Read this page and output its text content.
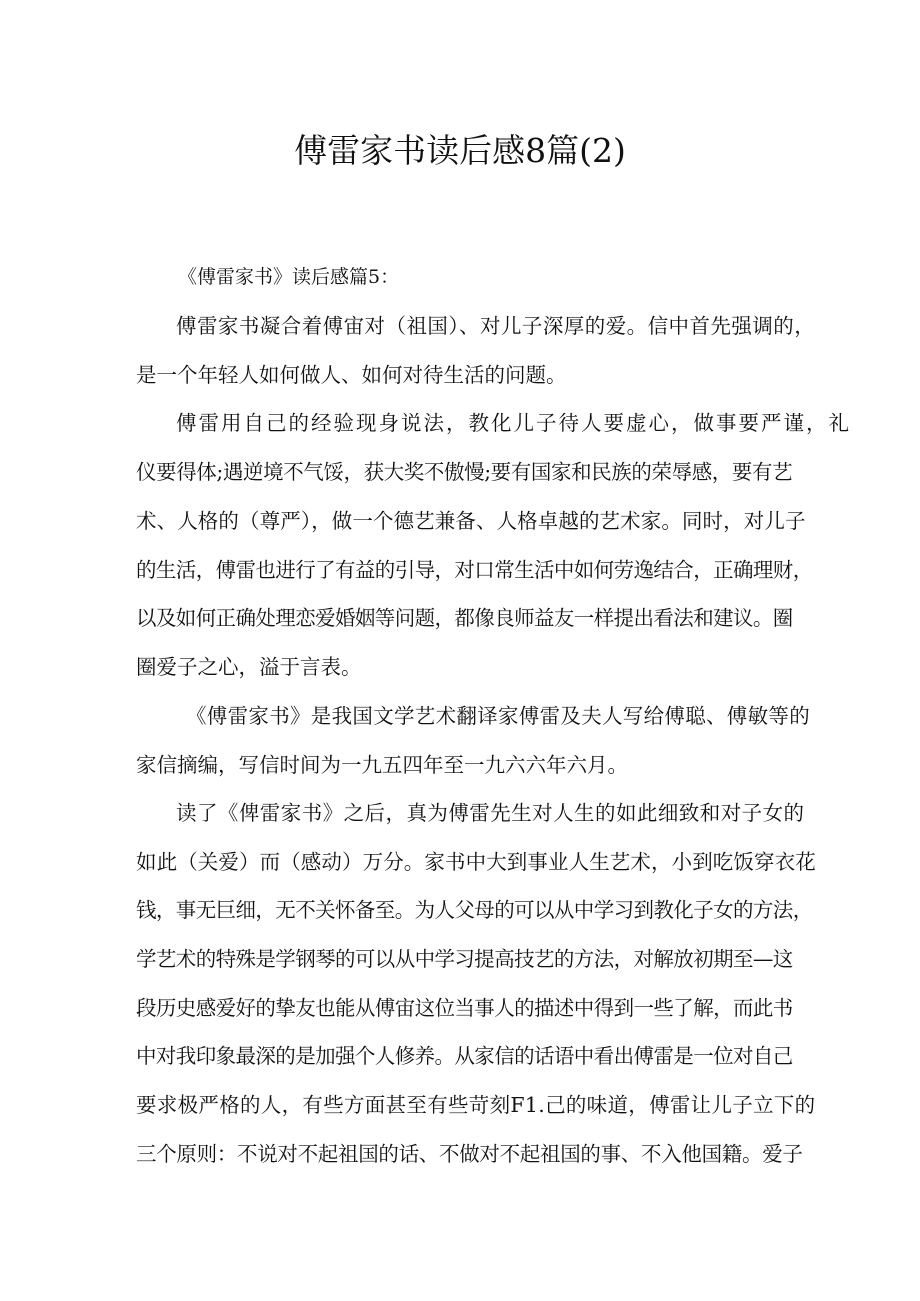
傅雷家书读后感8篇(2)

《傅雷家书》读后感篇5：

傅雷家书凝合着傅宙对（祖国）、对儿子深厚的爱。信中首先强调的，

是一个年轻人如何做人、如何对待生活的问题。

傅雷用自己的经验现身说法，教化儿子待人要虚心，做事要严谨，礼

仪要得体;遇逆境不气馁，获大奖不傲慢;要有国家和民族的荣辱感，要有艺

术、人格的（尊严），做一个德艺兼备、人格卓越的艺术家。同时，对儿子

的生活，傅雷也进行了有益的引导，对口常生活中如何劳逸结合，正确理财，

以及如何正确处理恋爱婚姻等问题，都像良师益友一样提出看法和建议。圈

圈爱子之心，溢于言表。

《傅雷家书》是我国文学艺术翻译家傅雷及夫人写给傅聪、傅敏等的

家信摘编，写信时间为一九五四年至一九六六年六月。

读了《俾雷家书》之后，真为傅雷先生对人生的如此细致和对子女的

如此（关爱）而（感动）万分。家书中大到事业人生艺术，小到吃饭穿衣花

钱，事无巨细，无不关怀备至。为人父母的可以从中学习到教化子女的方法，

学艺术的特殊是学钢琴的可以从中学习提高技艺的方法，对解放初期至—这

段历史感爱好的挚友也能从傅宙这位当事人的描述中得到一些了解，而此书

中对我印象最深的是加强个人修养。从家信的话语中看出傅雷是一位对自己

要求极严格的人，有些方面甚至有些苛刻F1.己的味道，傅雷让儿子立下的

三个原则：不说对不起祖国的话、不做对不起祖国的事、不入他国籍。爱子
